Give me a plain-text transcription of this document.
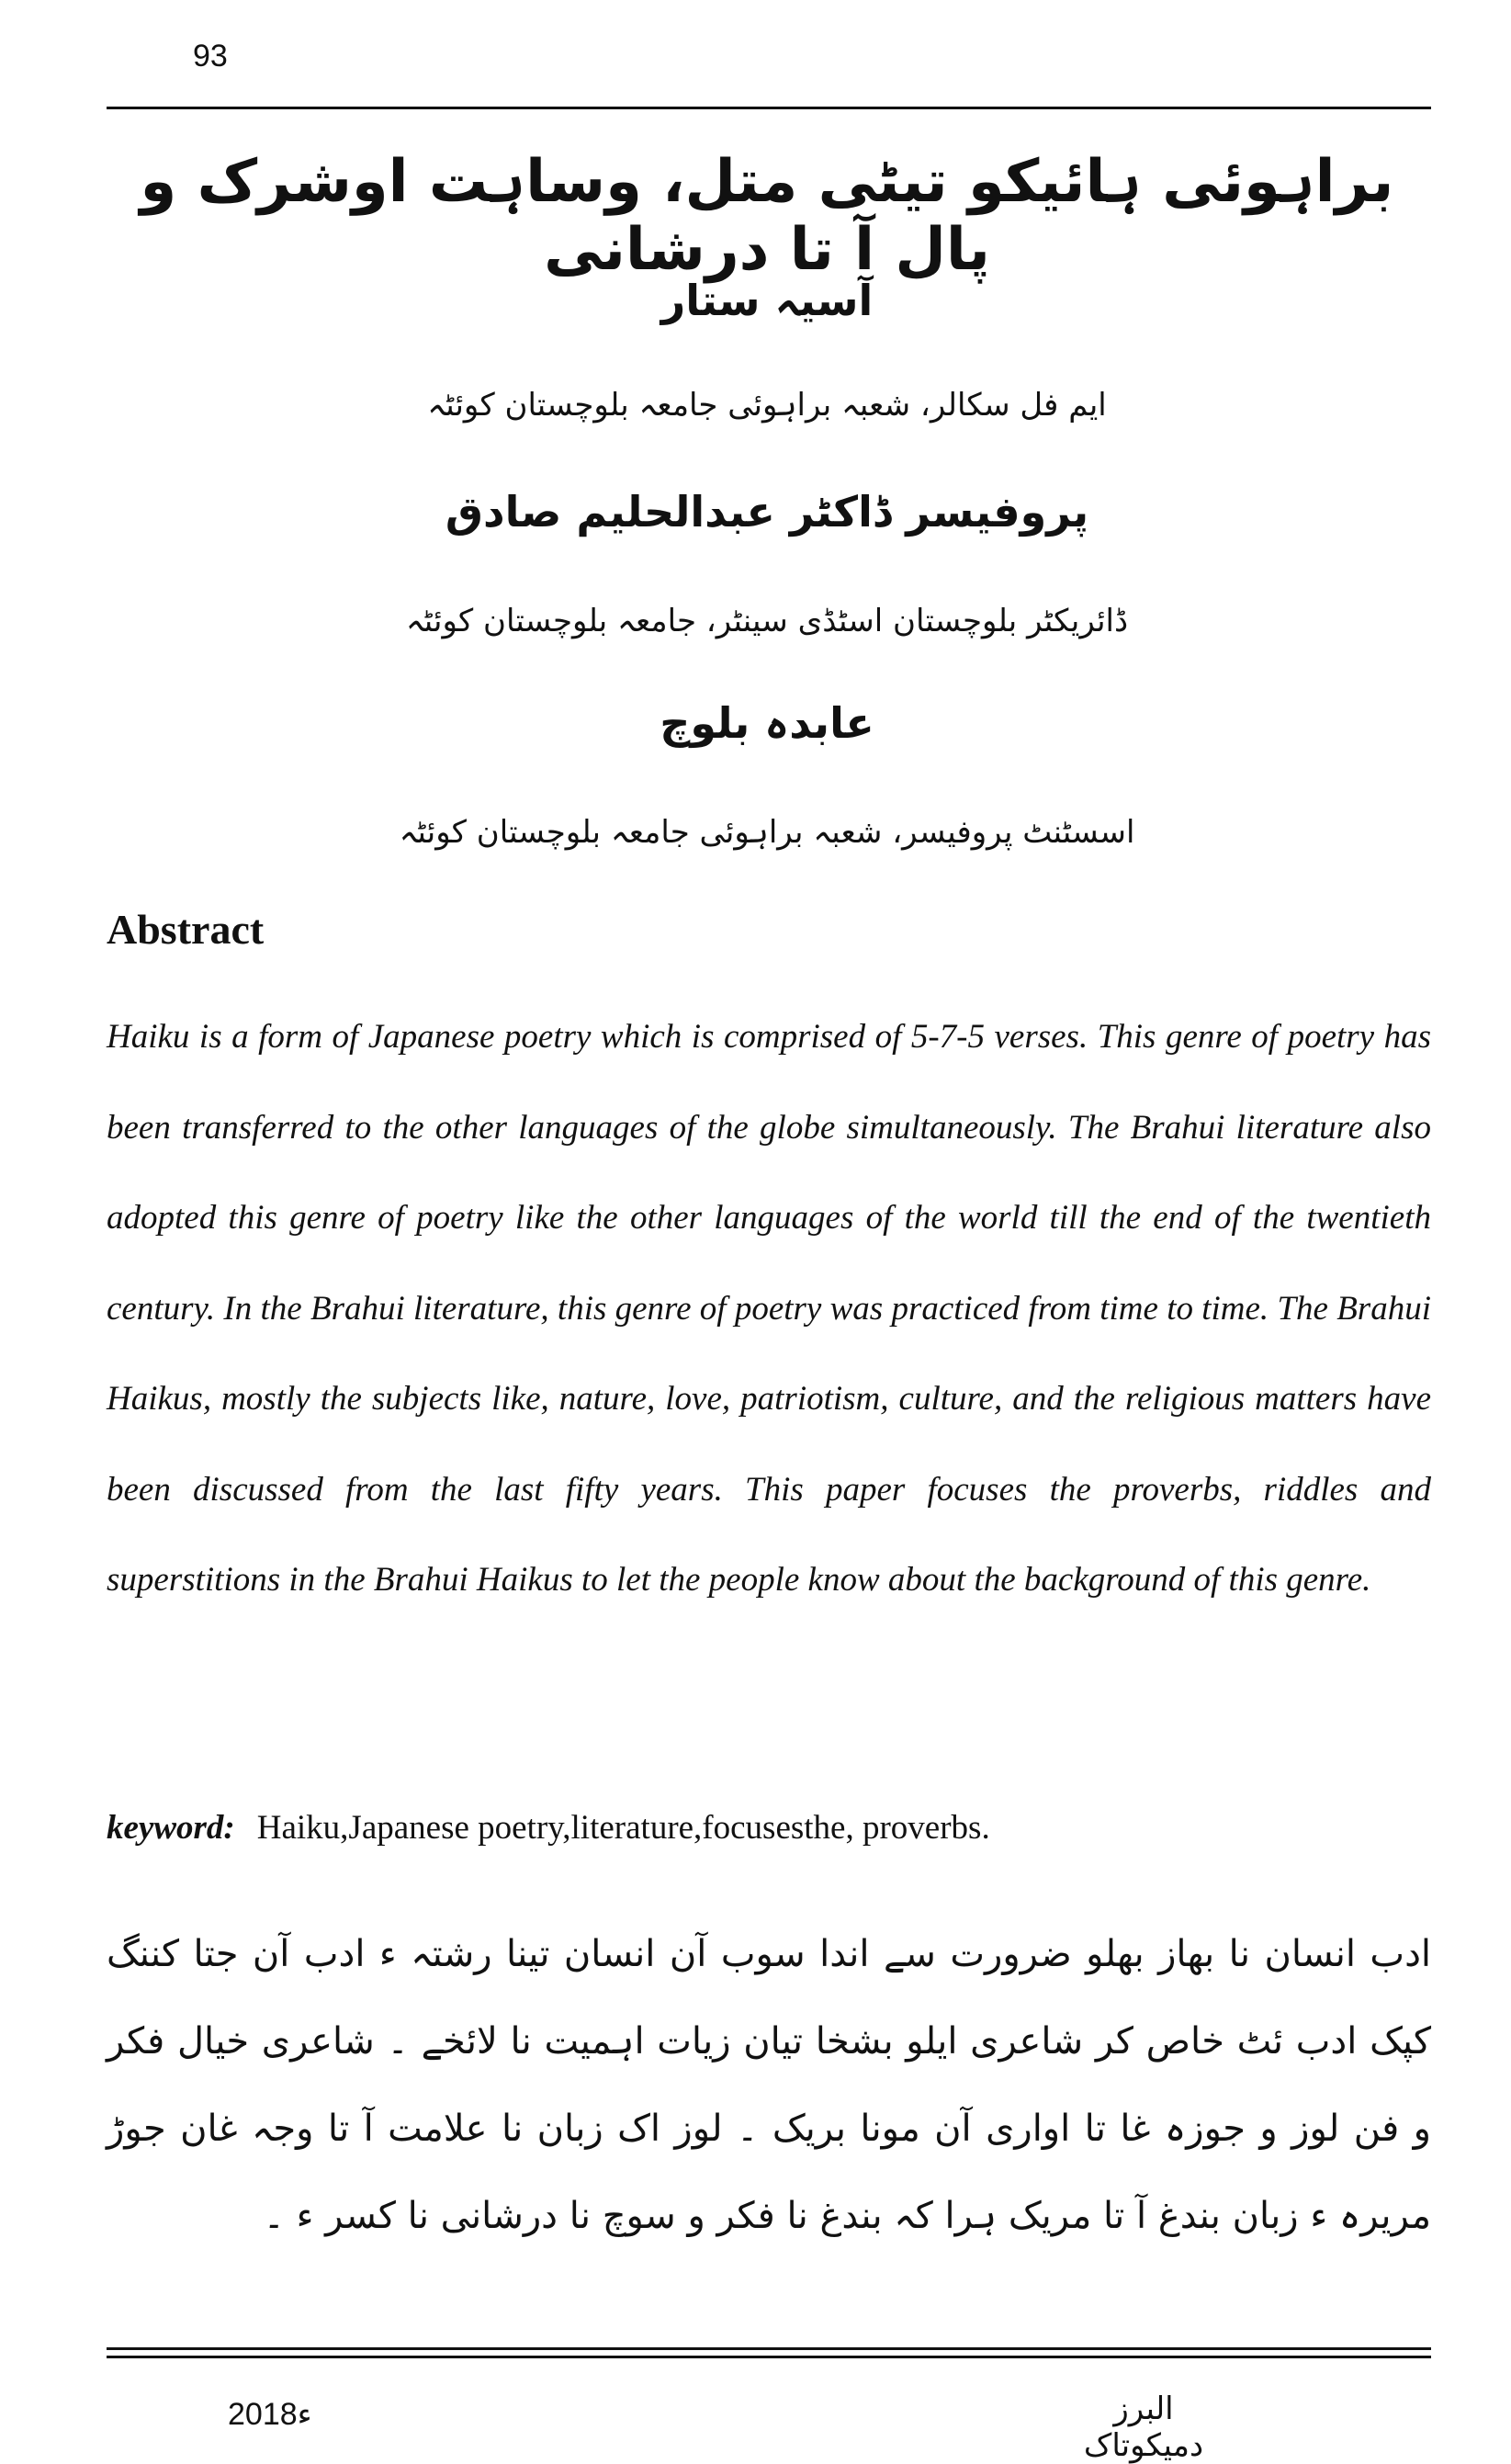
93
براہوئی ہائیکو تیٹی متل، وساہت اوشرک و پال آ تا درشانی
آسیہ ستار
ایم فل سکالر، شعبہ براہوئی جامعہ بلوچستان کوئٹہ
پروفیسر ڈاکٹر عبدالحلیم صادق
ڈائریکٹر بلوچستان اسٹڈی سینٹر، جامعہ بلوچستان کوئٹہ
عابدہ بلوچ
اسسٹنٹ پروفیسر، شعبہ براہوئی جامعہ بلوچستان کوئٹہ
Abstract
Haiku is a form of Japanese poetry which is comprised of 5-7-5 verses. This genre of poetry has been transferred to the other languages of the globe simultaneously. The Brahui literature also adopted this genre of poetry like the other languages of the world till the end of the twentieth century. In the Brahui literature, this genre of poetry was practiced from time to time. The Brahui Haikus, mostly the subjects like, nature, love, patriotism, culture, and the religious matters have been discussed from the last fifty years. This paper focuses the proverbs, riddles and superstitions in the Brahui Haikus to let the people know about the background of this genre.
keyword: Haiku,Japanese poetry,literature,focusesthe, proverbs.
ادب انسان نا بھاز بھلو ضرورت سے اندا سوب آن انسان تینا رشتہ ء ادب آن جتا کننگ کپک ادب ئٹ خاص کر شاعری ایلو بشخا تیان زیات اہمیت نا لائخے ۔ شاعری خیال فکر و فن لوز و جوزہ غا تا اواری آن مونا بریک ۔ لوز اک زبان نا علامت آ تا وجہ غان جوڑ مریرہ ء زبان بندغ آ تا مریک ہرا کہ بندغ نا فکر و سوچ نا درشانی نا کسر ء ۔
2018ء	البرز دمیکوتاک
